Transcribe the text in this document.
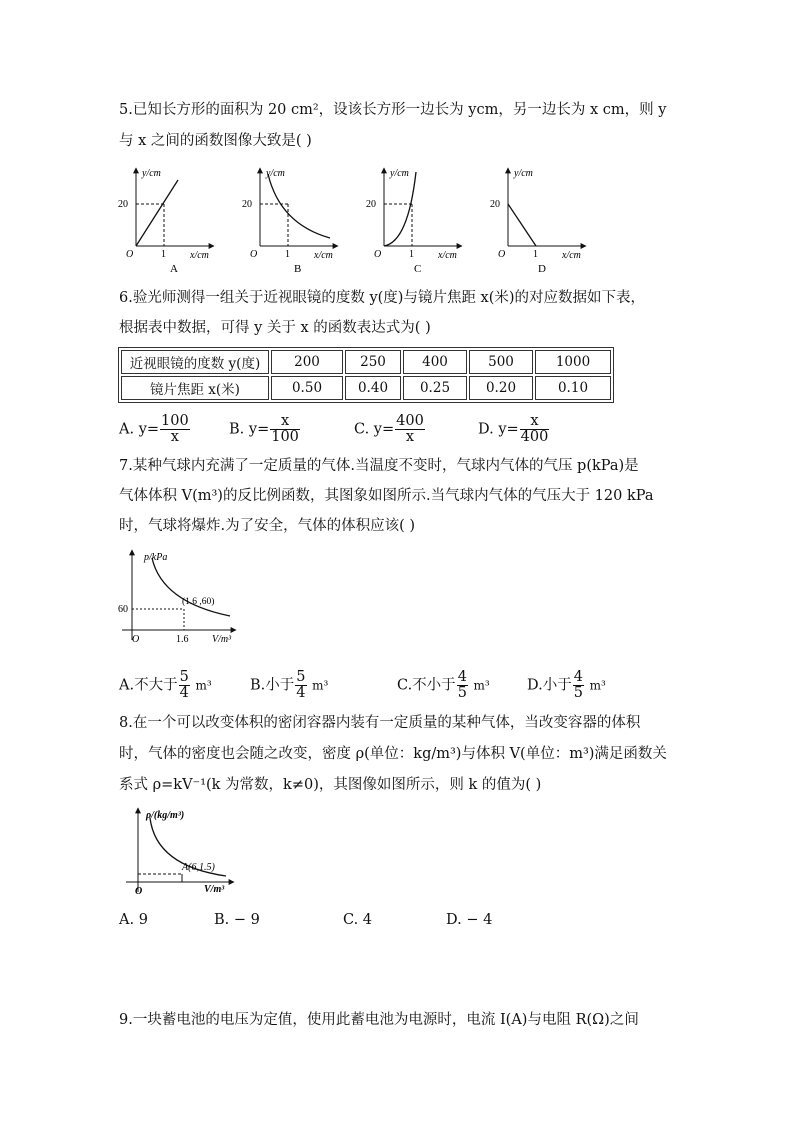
5.已知长方形的面积为 20 cm²，设该长方形一边长为 ycm，另一边长为 x cm，则 y
与 x 之间的函数图像大致是( )
y/cm
20
O	1 x/cm
A
y/cm
20
O	1 x/cm
B
y/cm
20
O	1 x/cm
C
y/cm
20
O	1 x/cm
D
6.验光师测得一组关于近视眼镜的度数 y(度)与镜片焦距 x(米)的对应数据如下表，
根据表中数据，可得 y 关于 x 的函数表达式为( )
近视眼镜的度数 y(度)	200	250	400	500	1000
镜片焦距 x(米)	0.50	0.40	0.25	0.20	0.10
A. $y= \frac{100}{x}$	B. $y= \frac{x}{100}$	C. $y= \frac{400}{x}$	D. $y= \frac{x}{400}$
7.某种气球内充满了一定质量的气体.当温度不变时，气球内气体的气压 p(kPa)是
气体体积 V(m³)的反比例函数，其图象如图所示.当气球内气体的气压大于 120 kPa
时，气球将爆炸.为了安全，气体的体积应该( )
p/kPa
60
(1.6 ,60)
O	1.6 V/m³
A.不大于 $\frac{5}{4} m^3$	B.小于 $\frac{5}{4} m^3$	C.不小于 $\frac{4}{5} m^3$	D.小于 $\frac{4}{5} m^3$
8.在一个可以改变体积的密闭容器内装有一定质量的某种气体，当改变容器的体积
时，气体的密度也会随之改变，密度 ρ(单位：kg/m³)与体积 V(单位：m³)满足函数关
系式 ρ=kV⁻¹(k 为常数，k≠0)，其图像如图所示，则 k 的值为( )
ρ/(kg/m³)
A(6,1.5)
O	V/m³
A. 9	B. − 9	C. 4	D. − 4
9.一块蓄电池的电压为定值，使用此蓄电池为电源时，电流 I(A)与电阻 R(Ω)之间
